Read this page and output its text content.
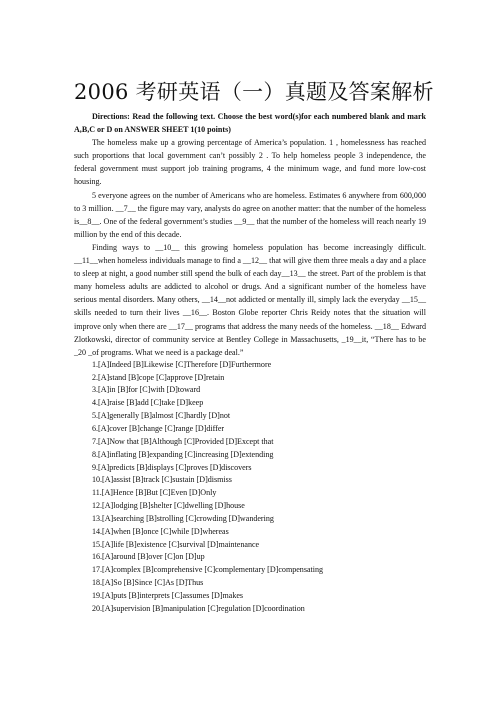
2006 考研英语（一）真题及答案解析

Directions: Read the following text. Choose the best word(s)for each numbered blank and mark A,B,C or D on ANSWER SHEET 1(10 points)

The homeless make up a growing percentage of America’s population. 1 , homelessness has reached such proportions that local government can’t possibly 2 . To help homeless people 3 independence, the federal government must support job training programs, 4 the minimum wage, and fund more low-cost housing.

5 everyone agrees on the number of Americans who are homeless. Estimates 6 anywhere from 600,000 to 3 million. __7__ the figure may vary, analysts do agree on another matter: that the number of the homeless is__8__. One of the federal government’s studies __9__ that the number of the homeless will reach nearly 19 million by the end of this decade.

Finding ways to __10__ this growing homeless population has become increasingly difficult. __11__when homeless individuals manage to find a __12__ that will give them three meals a day and a place to sleep at night, a good number still spend the bulk of each day__13__ the street. Part of the problem is that many homeless adults are addicted to alcohol or drugs. And a significant number of the homeless have serious mental disorders. Many others, __14__not addicted or mentally ill, simply lack the everyday __15__ skills needed to turn their lives __16__. Boston Globe reporter Chris Reidy notes that the situation will improve only when there are __17__ programs that address the many needs of the homeless. __18__ Edward Zlotkowski, director of community service at Bentley College in Massachusetts, _19__it, “There has to be _20 _of programs. What we need is a package deal.”

1.[A]Indeed [B]Likewise [C]Therefore [D]Furthermore
2.[A]stand [B]cope [C]approve [D]retain
3.[A]in [B]for [C]with [D]toward
4.[A]raise [B]add [C]take [D]keep
5.[A]generally [B]almost [C]hardly [D]not
6.[A]cover [B]change [C]range [D]differ
7.[A]Now that [B]Although [C]Provided [D]Except that
8.[A]inflating [B]expanding [C]increasing [D]extending
9.[A]predicts [B]displays [C]proves [D]discovers
10.[A]assist [B]track [C]sustain [D]dismiss
11.[A]Hence [B]But [C]Even [D]Only
12.[A]lodging [B]shelter [C]dwelling [D]house
13.[A]searching [B]strolling [C]crowding [D]wandering
14.[A]when [B]once [C]while [D]whereas
15.[A]life [B]existence [C]survival [D]maintenance
16.[A]around [B]over [C]on [D]up
17.[A]complex [B]comprehensive [C]complementary [D]compensating
18.[A]So [B]Since [C]As [D]Thus
19.[A]puts [B]interprets [C]assumes [D]makes
20.[A]supervision [B]manipulation [C]regulation [D]coordination
